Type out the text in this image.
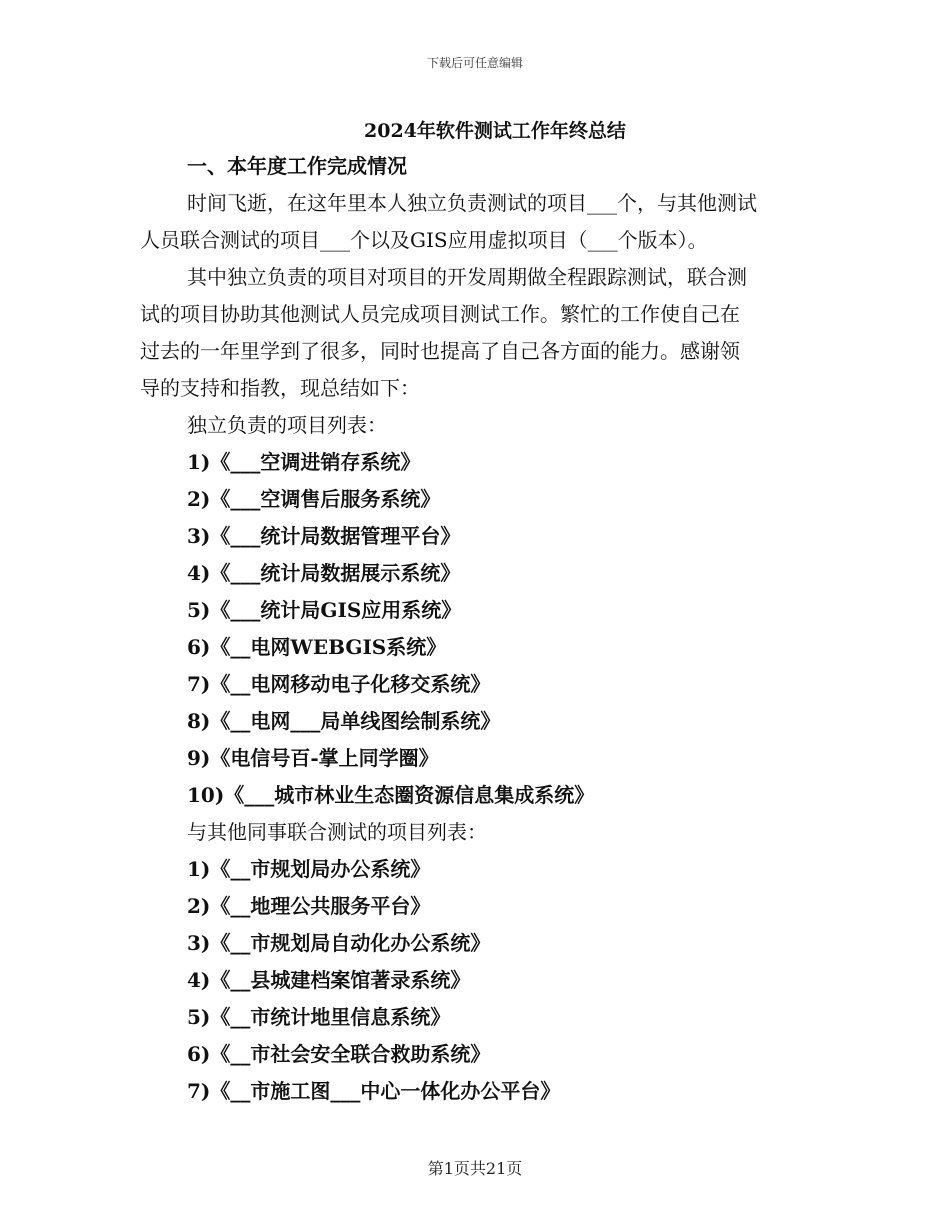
下载后可任意编辑
2024年软件测试工作年终总结
一、本年度工作完成情况
时间飞逝，在这年里本人独立负责测试的项目___个，与其他测试
人员联合测试的项目___个以及GIS应用虚拟项目（___个版本）。
其中独立负责的项目对项目的开发周期做全程跟踪测试，联合测
试的项目协助其他测试人员完成项目测试工作。繁忙的工作使自己在
过去的一年里学到了很多，同时也提高了自己各方面的能力。感谢领
导的支持和指教，现总结如下：
独立负责的项目列表：
1)《___空调进销存系统》
2)《___空调售后服务系统》
3)《___统计局数据管理平台》
4)《___统计局数据展示系统》
5)《___统计局GIS应用系统》
6)《__电网WEBGIS系统》
7)《__电网移动电子化移交系统》
8)《__电网___局单线图绘制系统》
9)《电信号百-掌上同学圈》
10)《___城市林业生态圈资源信息集成系统》
与其他同事联合测试的项目列表：
1)《__市规划局办公系统》
2)《__地理公共服务平台》
3)《__市规划局自动化办公系统》
4)《__县城建档案馆著录系统》
5)《__市统计地里信息系统》
6)《__市社会安全联合救助系统》
7)《__市施工图___中心一体化办公平台》
第1页共21页
